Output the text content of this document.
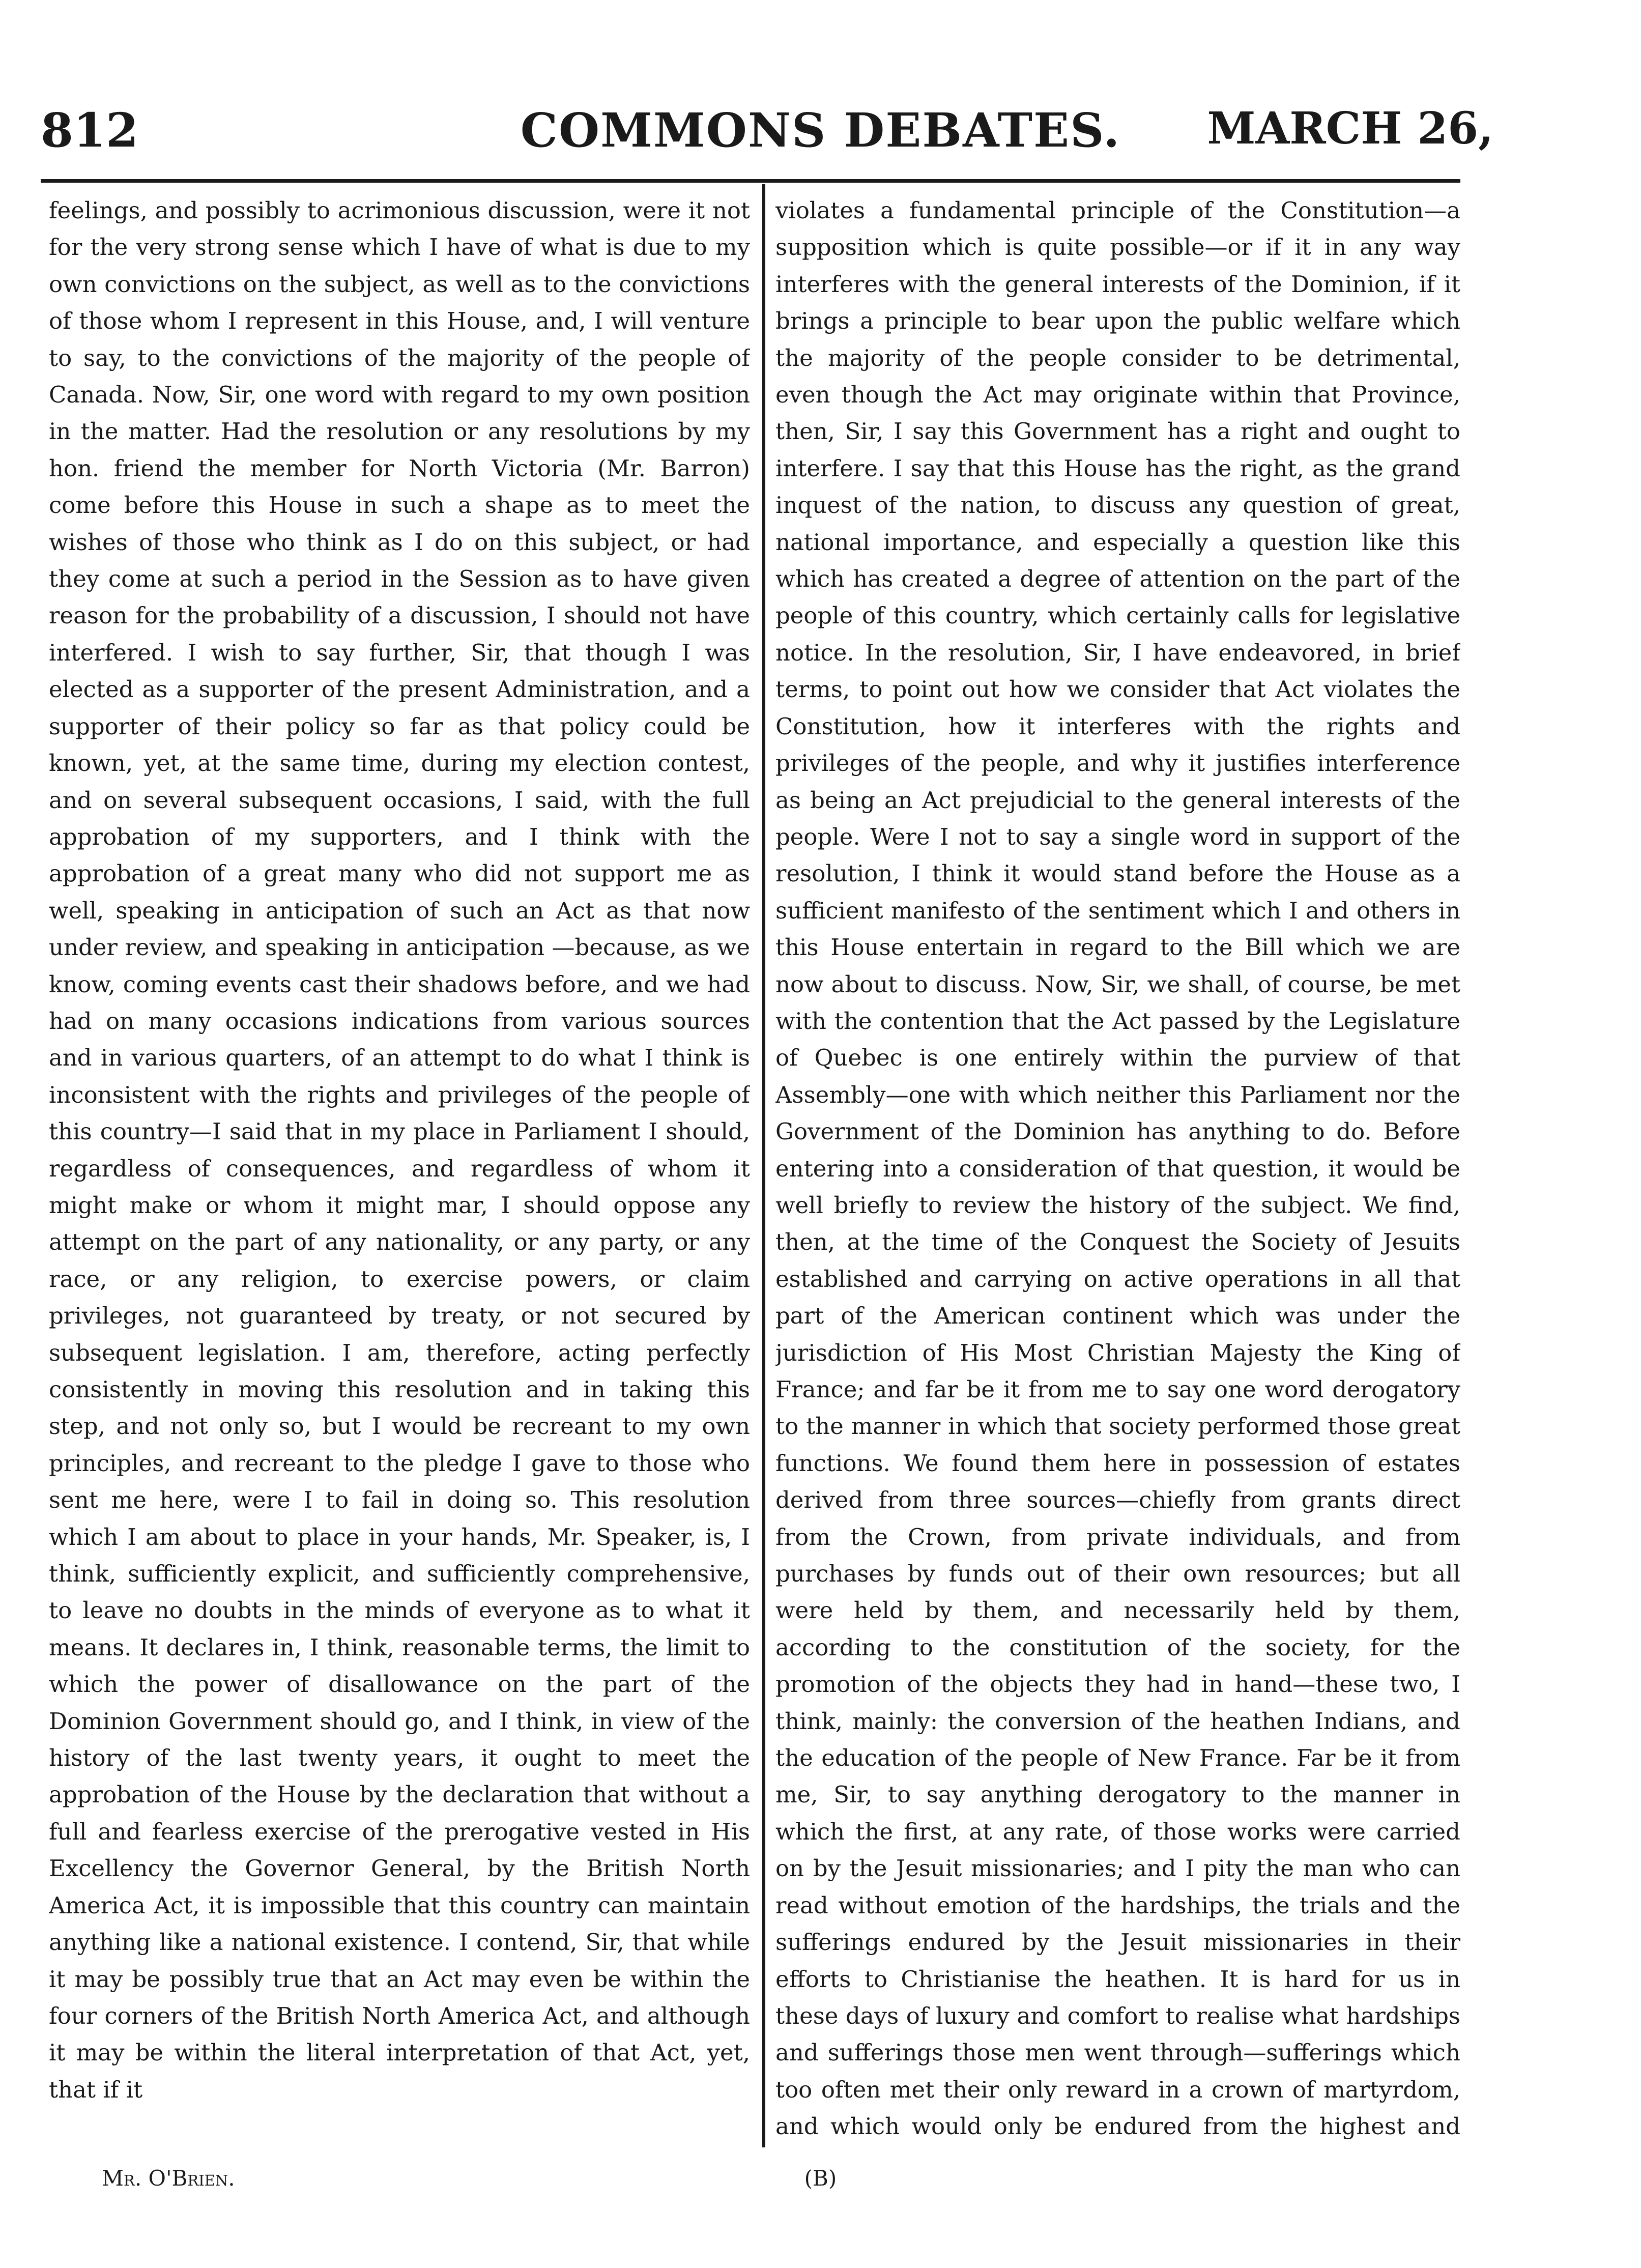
812	COMMONS DEBATES.	MARCH 26,

feelings, and possibly to acrimonious discussion, were it not for the very strong sense which I have of what is due to my own convictions on the subject, as well as to the convictions of those whom I represent in this House, and, I will venture to say, to the convictions of the majority of the people of Canada. Now, Sir, one word with regard to my own position in the matter. Had the resolution or any resolutions by my hon. friend the member for North Victoria (Mr. Barron) come before this House in such a shape as to meet the wishes of those who think as I do on this subject, or had they come at such a period in the Session as to have given reason for the probability of a discussion, I should not have interfered. I wish to say further, Sir, that though I was elected as a supporter of the present Administration, and a supporter of their policy so far as that policy could be known, yet, at the same time, during my election contest, and on several subsequent occasions, I said, with the full approbation of my supporters, and I think with the approbation of a great many who did not support me as well, speaking in anticipation of such an Act as that now under review, and speaking in anticipation —because, as we know, coming events cast their shadows before, and we had had on many occasions indications from various sources and in various quarters, of an attempt to do what I think is inconsistent with the rights and privileges of the people of this country—I said that in my place in Parliament I should, regardless of consequences, and regardless of whom it might make or whom it might mar, I should oppose any attempt on the part of any nationality, or any party, or any race, or any religion, to exercise powers, or claim privileges, not guaranteed by treaty, or not secured by subsequent legislation. I am, therefore, acting perfectly consistently in moving this resolution and in taking this step, and not only so, but I would be recreant to my own principles, and recreant to the pledge I gave to those who sent me here, were I to fail in doing so. This resolution which I am about to place in your hands, Mr. Speaker, is, I think, sufficiently explicit, and sufficiently comprehensive, to leave no doubts in the minds of everyone as to what it means. It declares in, I think, reasonable terms, the limit to which the power of disallowance on the part of the Dominion Government should go, and I think, in view of the history of the last twenty years, it ought to meet the approbation of the House by the declaration that without a full and fearless exercise of the prerogative vested in His Excellency the Governor General, by the British North America Act, it is impossible that this country can maintain anything like a national existence. I contend, Sir, that while it may be possibly true that an Act may even be within the four corners of the British North America Act, and although it may be within the literal interpretation of that Act, yet, that if it

violates a fundamental principle of the Constitution—a supposition which is quite possible—or if it in any way interferes with the general interests of the Dominion, if it brings a principle to bear upon the public welfare which the majority of the people consider to be detrimental, even though the Act may originate within that Province, then, Sir, I say this Government has a right and ought to interfere. I say that this House has the right, as the grand inquest of the nation, to discuss any question of great, national importance, and especially a question like this which has created a degree of attention on the part of the people of this country, which certainly calls for legislative notice. In the resolution, Sir, I have endeavored, in brief terms, to point out how we consider that Act violates the Constitution, how it interferes with the rights and privileges of the people, and why it justifies interference as being an Act prejudicial to the general interests of the people. Were I not to say a single word in support of the resolution, I think it would stand before the House as a sufficient manifesto of the sentiment which I and others in this House entertain in regard to the Bill which we are now about to discuss. Now, Sir, we shall, of course, be met with the contention that the Act passed by the Legislature of Quebec is one entirely within the purview of that Assembly—one with which neither this Parliament nor the Government of the Dominion has anything to do. Before entering into a consideration of that question, it would be well briefly to review the history of the subject. We find, then, at the time of the Conquest the Society of Jesuits established and carrying on active operations in all that part of the American continent which was under the jurisdiction of His Most Christian Majesty the King of France; and far be it from me to say one word derogatory to the manner in which that society performed those great functions. We found them here in possession of estates derived from three sources—chiefly from grants direct from the Crown, from private individuals, and from purchases by funds out of their own resources; but all were held by them, and necessarily held by them, according to the constitution of the society, for the promotion of the objects they had in hand—these two, I think, mainly: the conversion of the heathen Indians, and the education of the people of New France. Far be it from me, Sir, to say anything derogatory to the manner in which the first, at any rate, of those works were carried on by the Jesuit missionaries; and I pity the man who can read without emotion of the hardships, the trials and the sufferings endured by the Jesuit missionaries in their efforts to Christianise the heathen. It is hard for us in these days of luxury and comfort to realise what hardships and sufferings those men went through—sufferings which too often met their only reward in a crown of martyrdom, and which would only be endured from the highest and

Mr. O'Brien.	(B)
